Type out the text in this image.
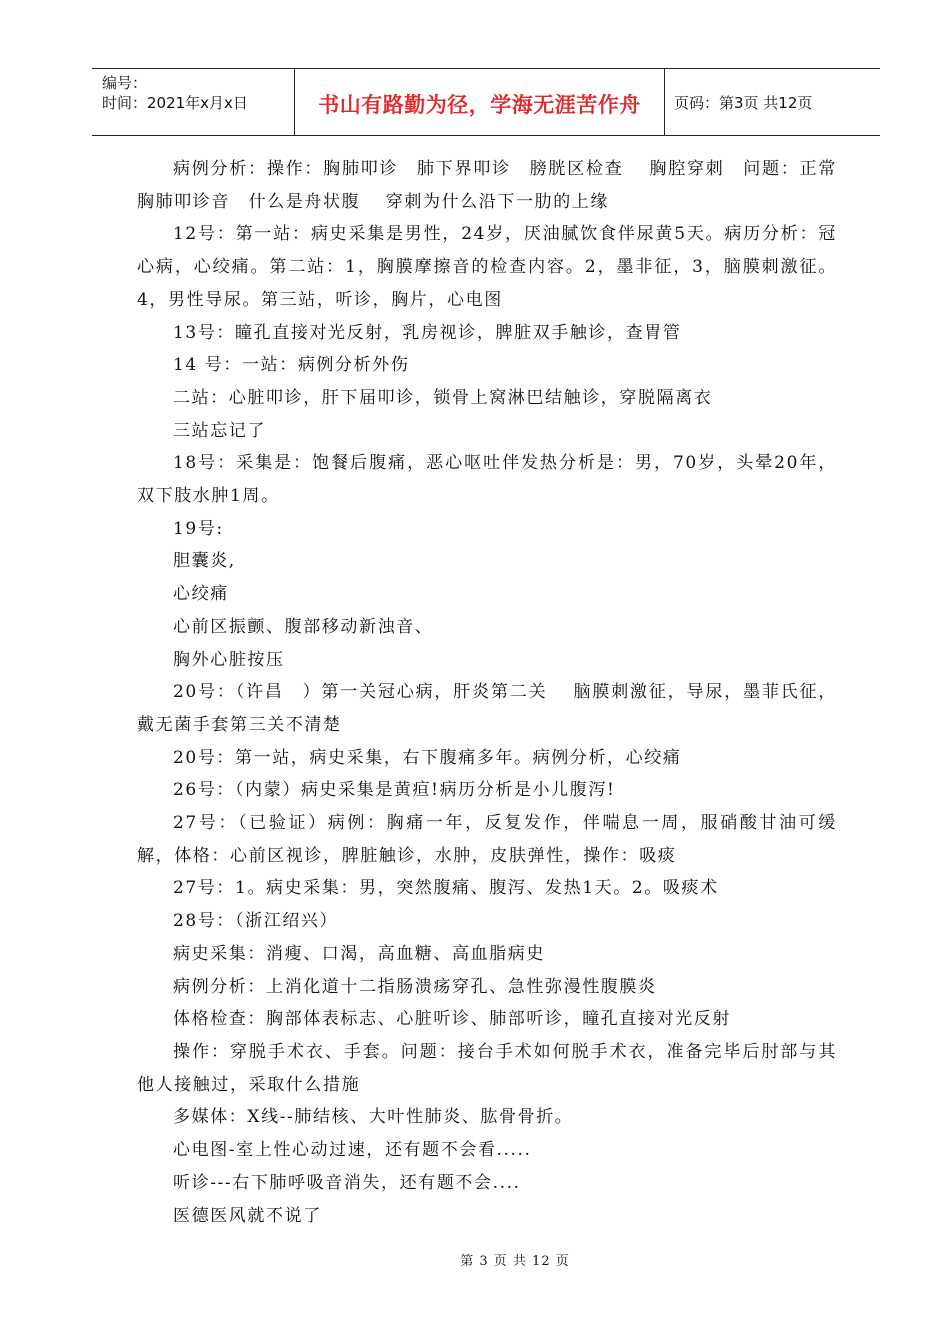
编号：
时间：2021年x月x日	书山有路勤为径，学海无涯苦作舟	页码：第3页 共12页

病例分析：操作：胸肺叩诊　肺下界叩诊　膀胱区检查　 胸腔穿刺　问题：正常胸肺叩诊音　什么是舟状腹　 穿刺为什么沿下一肋的上缘

12号：第一站：病史采集是男性，24岁，厌油腻饮食伴尿黄5天。病历分析：冠心病，心绞痛。第二站：1，胸膜摩擦音的检查内容。2，墨非征，3，脑膜刺激征。4，男性导尿。第三站，听诊，胸片，心电图

13号：瞳孔直接对光反射，乳房视诊，脾脏双手触诊，查胃管

14 号：一站：病例分析外伤

二站：心脏叩诊，肝下届叩诊，锁骨上窝淋巴结触诊，穿脱隔离衣

三站忘记了

18号：采集是：饱餐后腹痛，恶心呕吐伴发热分析是：男，70岁，头晕20年，双下肢水肿1周。

19号:

胆囊炎,

心绞痛

心前区振颤、腹部移动新浊音、

胸外心脏按压

20号：（许昌　）第一关冠心病，肝炎第二关　 脑膜刺激征，导尿，墨菲氏征，戴无菌手套第三关不清楚

20号：第一站，病史采集，右下腹痛多年。病例分析，心绞痛

26号：（内蒙）病史采集是黄疸!病历分析是小儿腹泻!

27号：（已验证）病例：胸痛一年，反复发作，伴喘息一周，服硝酸甘油可缓解，体格：心前区视诊，脾脏触诊，水肿，皮肤弹性，操作：吸痰

27号：1。病史采集：男，突然腹痛、腹泻、发热1天。2。吸痰术

28号：（浙江绍兴）

病史采集：消瘦、口渴，高血糖、高血脂病史

病例分析：上消化道十二指肠溃疡穿孔、急性弥漫性腹膜炎

体格检查：胸部体表标志、心脏听诊、肺部听诊，瞳孔直接对光反射

操作：穿脱手术衣、手套。问题：接台手术如何脱手术衣，准备完毕后肘部与其他人接触过，采取什么措施

多媒体：X线--肺结核、大叶性肺炎、肱骨骨折。

心电图-室上性心动过速，还有题不会看.....

听诊---右下肺呼吸音消失，还有题不会....

医德医风就不说了

第 3 页 共 12 页
